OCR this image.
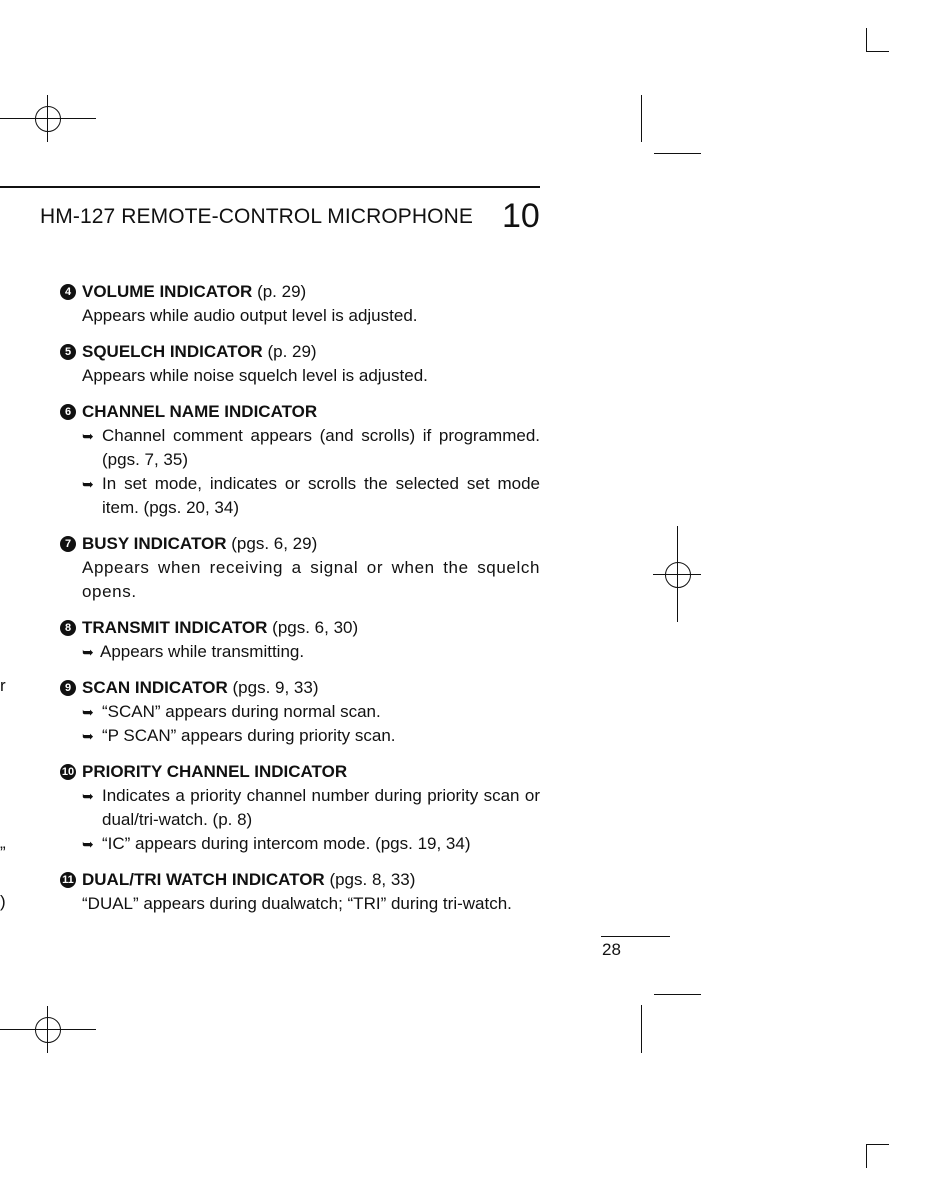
HM-127 REMOTE-CONTROL MICROPHONE 10
4 VOLUME INDICATOR (p. 29)
Appears while audio output level is adjusted.
5 SQUELCH INDICATOR (p. 29)
Appears while noise squelch level is adjusted.
6 CHANNEL NAME INDICATOR
➥ Channel comment appears (and scrolls) if programmed. (pgs. 7, 35)
➥ In set mode, indicates or scrolls the selected set mode item. (pgs. 20, 34)
7 BUSY INDICATOR (pgs. 6, 29)
Appears when receiving a signal or when the squelch opens.
8 TRANSMIT INDICATOR (pgs. 6, 30)
➥ Appears while transmitting.
9 SCAN INDICATOR (pgs. 9, 33)
➥ “SCAN” appears during normal scan.
➥ “P SCAN” appears during priority scan.
10 PRIORITY CHANNEL INDICATOR
➥ Indicates a priority channel number during priority scan or dual/tri-watch. (p. 8)
➥ “IC” appears during intercom mode. (pgs. 19, 34)
11 DUAL/TRI WATCH INDICATOR (pgs. 8, 33)
“DUAL” appears during dualwatch; “TRI” during tri-watch.
28
r
”
)
